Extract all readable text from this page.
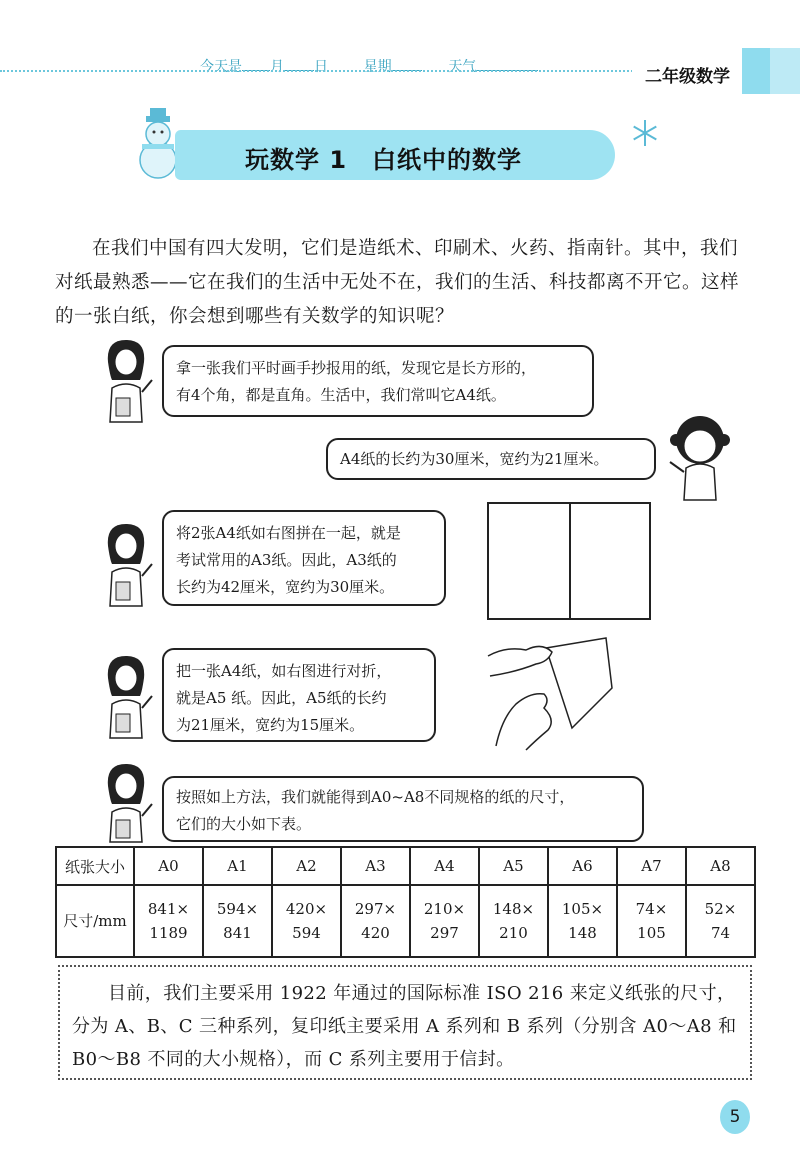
今天是 月 日	星期	天气	二年级数学
玩数学 1　白纸中的数学
在我们中国有四大发明，它们是造纸术、印刷术、火药、指南针。其中，我们对纸最熟悉——它在我们的生活中无处不在，我们的生活、科技都离不开它。这样的一张白纸，你会想到哪些有关数学的知识呢？
拿一张我们平时画手抄报用的纸，发现它是长方形的，
有4个角，都是直角。生活中，我们常叫它A4纸。
A4纸的长约为30厘米，宽约为21厘米。
将2张A4纸如右图拼在一起，就是
考试常用的A3纸。因此，A3纸的
长约为42厘米，宽约为30厘米。
把一张A4纸，如右图进行对折，
就是A5 纸。因此，A5纸的长约
为21厘米，宽约为15厘米。
按照如上方法，我们就能得到A0~A8不同规格的纸的尺寸，
它们的大小如下表。
纸张大小	A0	A1	A2	A3	A4	A5	A6	A7	A8
尺寸/mm	841×
1189	594×
841	420×
594	297×
420	210×
297	148×
210	105×
148	74×
105	52×
74
目前，我们主要采用 1922 年通过的国际标准 ISO 216 来定义纸张的尺寸，分为 A、B、C 三种系列，复印纸主要采用 A 系列和 B 系列（分别含 A0～A8 和 B0～B8 不同的大小规格），而 C 系列主要用于信封。
5
